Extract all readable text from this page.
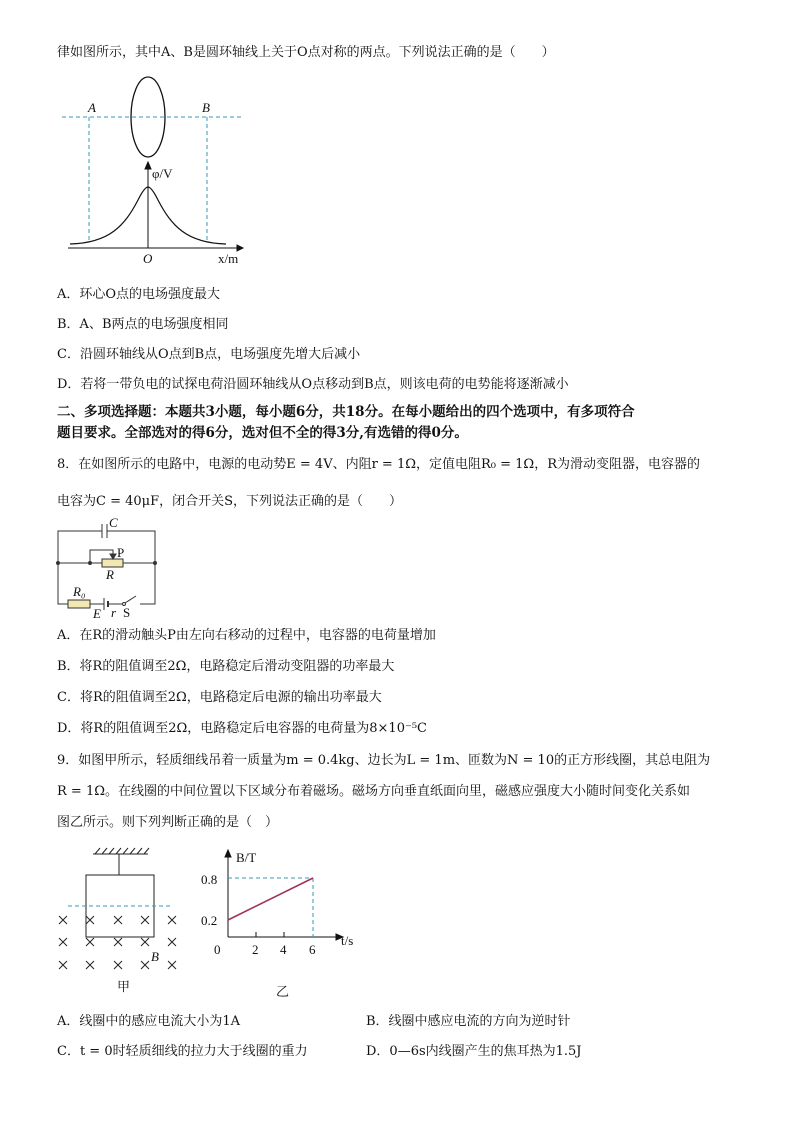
律如图所示，其中A、B是圆环轴线上关于O点对称的两点。下列说法正确的是（　　）
A	B
φ/V
O	x/m
C
P
R
R₀
E r S
B
甲
B/T
0.8
0.2
0 2 4 6
t/s
乙
A．环心O点的电场强度最大
B．A、B两点的电场强度相同
C．沿圆环轴线从O点到B点，电场强度先增大后减小
D．若将一带负电的试探电荷沿圆环轴线从O点移动到B点，则该电荷的电势能将逐渐减小
二、多项选择题：本题共3小题，每小题6分，共18分。在每小题给出的四个选项中，有多项符合
题目要求。全部选对的得6分，选对但不全的得3分,有选错的得0分。
8．在如图所示的电路中，电源的电动势E = 4V、内阻r = 1Ω，定值电阻R₀ = 1Ω，R为滑动变阻器，电容器的
电容为C = 40μF，闭合开关S，下列说法正确的是（　　）
A．在R的滑动触头P由左向右移动的过程中，电容器的电荷量增加
B．将R的阻值调至2Ω，电路稳定后滑动变阻器的功率最大
C．将R的阻值调至2Ω，电路稳定后电源的输出功率最大
D．将R的阻值调至2Ω，电路稳定后电容器的电荷量为8×10⁻⁵C
9．如图甲所示，轻质细线吊着一质量为m = 0.4kg、边长为L = 1m、匝数为N = 10的正方形线圈，其总电阻为
R = 1Ω。在线圈的中间位置以下区域分布着磁场。磁场方向垂直纸面向里，磁感应强度大小随时间变化关系如
图乙所示。则下列判断正确的是（　）
A．线圈中的感应电流大小为1A	B．线圈中感应电流的方向为逆时针
C．t = 0时轻质细线的拉力大于线圈的重力	D．0—6s内线圈产生的焦耳热为1.5J
